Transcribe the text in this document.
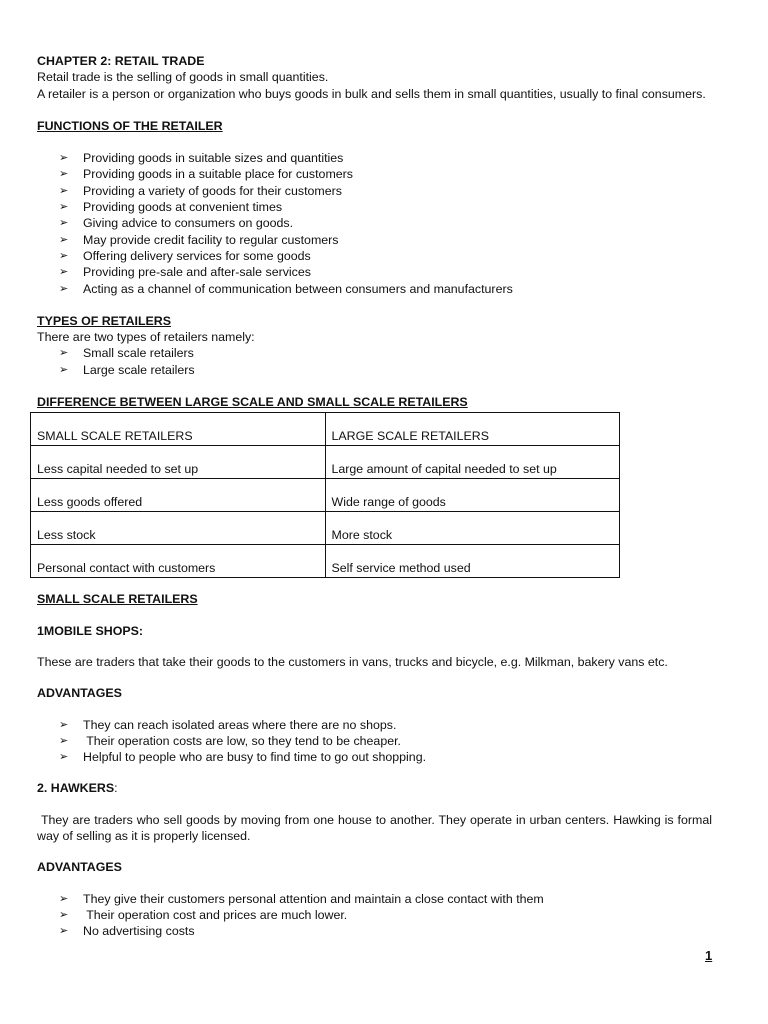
CHAPTER 2: RETAIL TRADE

Retail trade is the selling of goods in small quantities.

A retailer is a person or organization who buys goods in bulk and sells them in small quantities, usually to final consumers.

FUNCTIONS OF THE RETAILER

➢ Providing goods in suitable sizes and quantities
➢ Providing goods in a suitable place for customers
➢ Providing a variety of goods for their customers
➢ Providing goods at convenient times
➢ Giving advice to consumers on goods.
➢ May provide credit facility to regular customers
➢ Offering delivery services for some goods
➢ Providing pre-sale and after-sale services
➢ Acting as a channel of communication between consumers and manufacturers

TYPES OF RETAILERS

There are two types of retailers namely:

➢ Small scale retailers
➢ Large scale retailers

DIFFERENCE BETWEEN LARGE SCALE AND SMALL SCALE RETAILERS

SMALL SCALE RETAILERS	LARGE SCALE RETAILERS
Less capital needed to set up	Large amount of capital needed to set up
Less goods offered	Wide range of goods
Less stock	More stock
Personal contact with customers	Self service method used

SMALL SCALE RETAILERS

1MOBILE SHOPS:

These are traders that take their goods to the customers in vans, trucks and bicycle, e.g. Milkman, bakery vans etc.

ADVANTAGES

➢ They can reach isolated areas where there are no shops.
➢ Their operation costs are low, so they tend to be cheaper.
➢ Helpful to people who are busy to find time to go out shopping.

2. HAWKERS:

They are traders who sell goods by moving from one house to another. They operate in urban centers. Hawking is formal way of selling as it is properly licensed.

ADVANTAGES

➢ They give their customers personal attention and maintain a close contact with them
➢ Their operation cost and prices are much lower.
➢ No advertising costs
1
